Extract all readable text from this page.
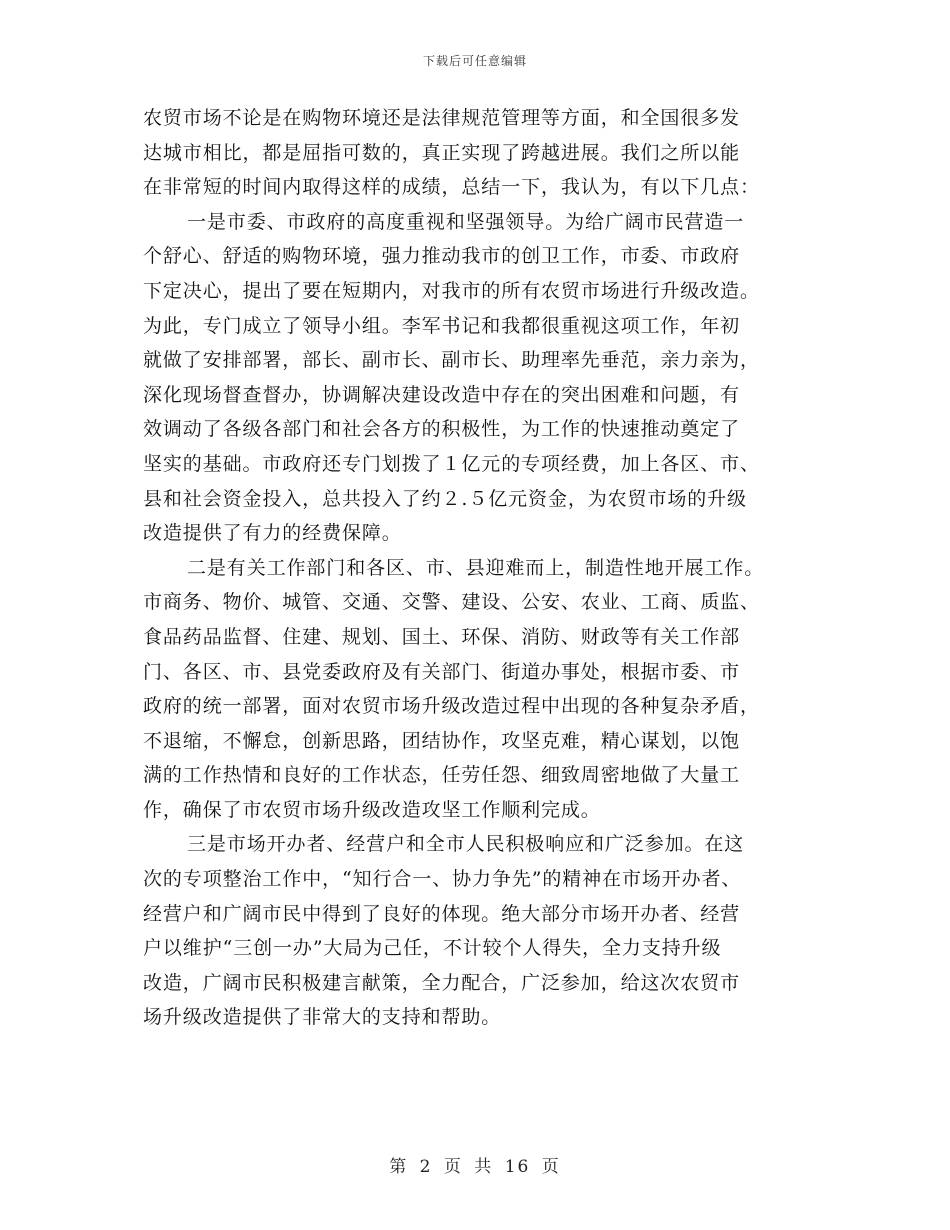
下载后可任意编辑
农贸市场不论是在购物环境还是法律规范管理等方面，和全国很多发
达城市相比，都是屈指可数的，真正实现了跨越进展。我们之所以能
在非常短的时间内取得这样的成绩，总结一下，我认为，有以下几点：
一是市委、市政府的高度重视和坚强领导。为给广阔市民营造一
个舒心、舒适的购物环境，强力推动我市的创卫工作，市委、市政府
下定决心，提出了要在短期内，对我市的所有农贸市场进行升级改造。
为此，专门成立了领导小组。李军书记和我都很重视这项工作，年初
就做了安排部署，部长、副市长、副市长、助理率先垂范，亲力亲为，
深化现场督查督办，协调解决建设改造中存在的突出困难和问题，有
效调动了各级各部门和社会各方的积极性，为工作的快速推动奠定了
坚实的基础。市政府还专门划拨了１亿元的专项经费，加上各区、市、
县和社会资金投入，总共投入了约２.５亿元资金，为农贸市场的升级
改造提供了有力的经费保障。
二是有关工作部门和各区、市、县迎难而上，制造性地开展工作。
市商务、物价、城管、交通、交警、建设、公安、农业、工商、质监、
食品药品监督、住建、规划、国土、环保、消防、财政等有关工作部
门、各区、市、县党委政府及有关部门、街道办事处，根据市委、市
政府的统一部署，面对农贸市场升级改造过程中出现的各种复杂矛盾，
不退缩，不懈怠，创新思路，团结协作，攻坚克难，精心谋划，以饱
满的工作热情和良好的工作状态，任劳任怨、细致周密地做了大量工
作，确保了市农贸市场升级改造攻坚工作顺利完成。
三是市场开办者、经营户和全市人民积极响应和广泛参加。在这
次的专项整治工作中，“知行合一、协力争先”的精神在市场开办者、
经营户和广阔市民中得到了良好的体现。绝大部分市场开办者、经营
户以维护“三创一办”大局为己任，不计较个人得失，全力支持升级
改造，广阔市民积极建言献策，全力配合，广泛参加，给这次农贸市
场升级改造提供了非常大的支持和帮助。
第 2 页 共 16 页
